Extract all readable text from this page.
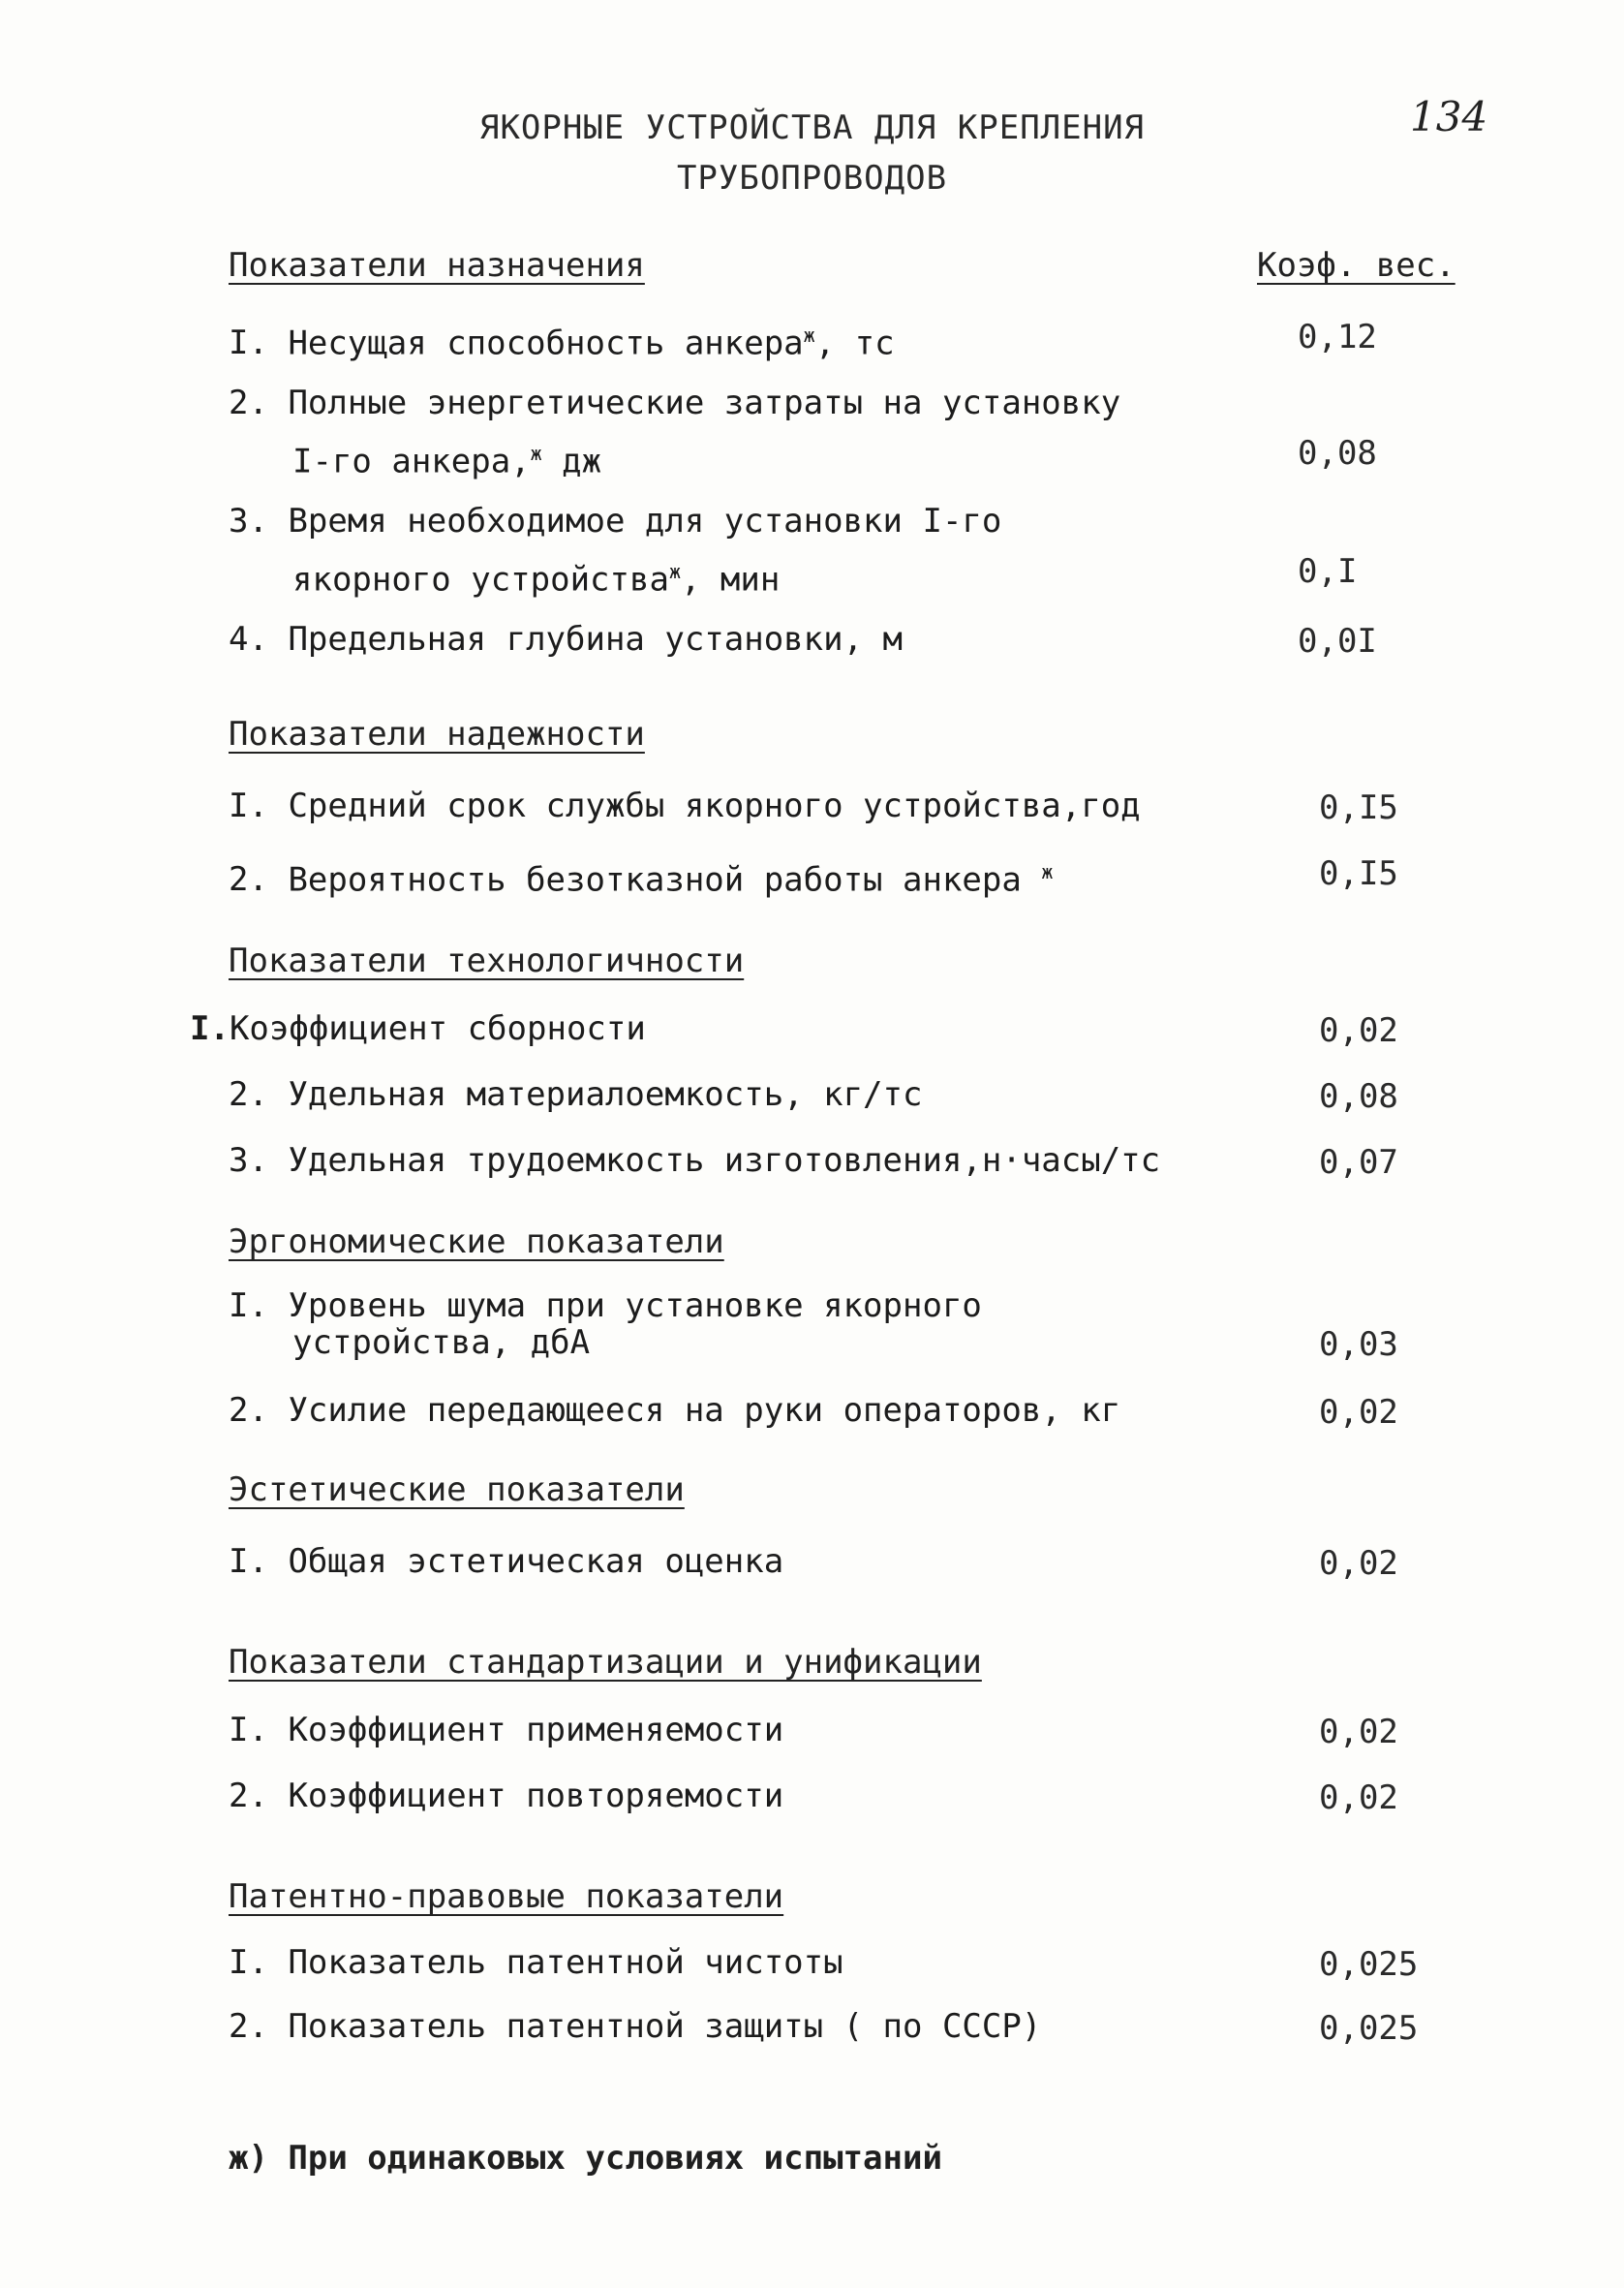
134
ЯКОРНЫЕ УСТРОЙСТВА ДЛЯ КРЕПЛЕНИЯ
ТРУБОПРОВОДОВ
Показатели назначения	Коэф. вес.
I. Несущая способность анкера$^ж$, тс	0,12
2. Полные энергетические затраты на установку
I-го анкера,$^ж$ дж	0,08
3. Время необходимое для установки I-го
якорного устройства$^ж$, мин	0,I
4. Предельная глубина установки, м	0,0I
Показатели надежности
I. Средний срок службы якорного устройства,год	0,I5
2. Вероятность безотказной работы анкера $^ж$	0,I5
Показатели технологичности
I.Коэффициент сборности	0,02
2. Удельная материалоемкость, кг/тс	0,08
3. Удельная трудоемкость изготовления,н·часы/тс	0,07
Эргономические показатели
I. Уровень шума при установке якорного
устройства, дбА	0,03
2. Усилие передающееся на руки операторов, кг	0,02
Эстетические показатели
I. Общая эстетическая оценка	0,02
Показатели стандартизации и унификации
I. Коэффициент применяемости	0,02
2. Коэффициент повторяемости	0,02
Патентно-правовые показатели
I. Показатель патентной чистоты	0,025
2. Показатель патентной защиты ( по СССР)	0,025
ж) При одинаковых условиях испытаний
